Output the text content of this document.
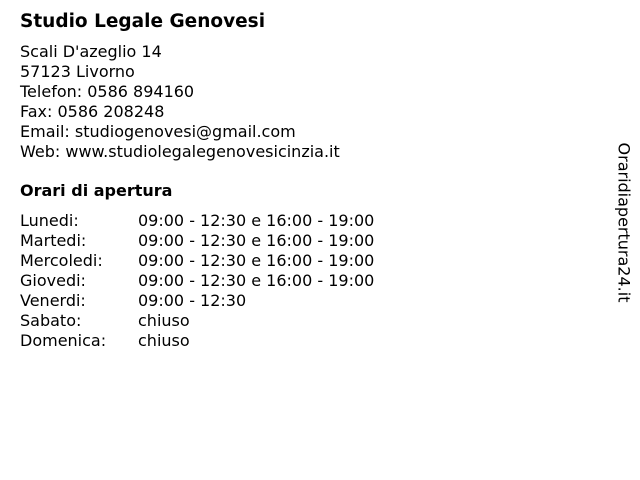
Studio Legale Genovesi
Scali D'azeglio 14
57123 Livorno
Telefon: 0586 894160
Fax: 0586 208248
Email: studiogenovesi@gmail.com
Web: www.studiolegalegenovesicinzia.it
Orari di apertura
Lunedi:	09:00 - 12:30 e 16:00 - 19:00
Martedi:	09:00 - 12:30 e 16:00 - 19:00
Mercoledi:	09:00 - 12:30 e 16:00 - 19:00
Giovedi:	09:00 - 12:30 e 16:00 - 19:00
Venerdi:	09:00 - 12:30
Sabato:	chiuso
Domenica:	chiuso
Oraridiapertura24.it
